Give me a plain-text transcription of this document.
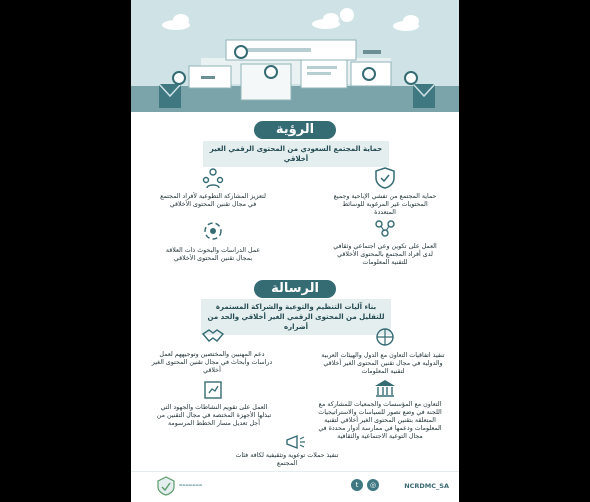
الرؤية
حماية المجتمع السعودي من المحتوى الرقمي الغير أخلاقي
حماية المجتمع من تفشي الإباحية وجميع المحتويات غير المرغوبة للوسائط المتعددة
لتعزيز المشاركة التطوعية لأفراد المجتمع في مجال تقنين المحتوى الأخلاقي
العمل على تكوين وعي اجتماعي وثقافي لدى أفراد المجتمع بالمحتوى الأخلاقي للتقنية المعلومات
عمل الدراسات والبحوث ذات العلاقة بمجال تقنين المحتوى الأخلاقي
الرسالة
بناء آليات التنظيم والتوعية والشراكة المستمرة للتقليل من المحتوى الرقمي الغير أخلاقي والحد من أضراره
دعم المهنيين والمختصين وتوجيههم لعمل دراسات وأبحاث في مجال تقنين المحتوى الغير أخلاقي
تنفيذ اتفاقيات التعاون مع الدول والهيئات العربية والدولية في مجال تقنين المحتوى الغير أخلاقي لتقنية المعلومات
العمل على تقويم النشاطات والجهود التي تبذلها الأجهزة المختصة في مجال التقنين من أجل تعديل مسار الخطط المرسومة
التعاون مع المؤسسات والجمعيات للمشاركة مع اللجنة في وضع تصور للسياسات والاستراتيجيات المتعلقة بتقنين المحتوى الغير أخلاقي لتقنية المعلومات ودعمها في ممارسة أدوار محددة في مجال التوعية الاجتماعية والثقافية
تنفيذ حملات توعوية وتثقيفية لكافة فئات المجتمع
▬▬▬▬▬▬▬	t	◎	NCRDMC_SA
